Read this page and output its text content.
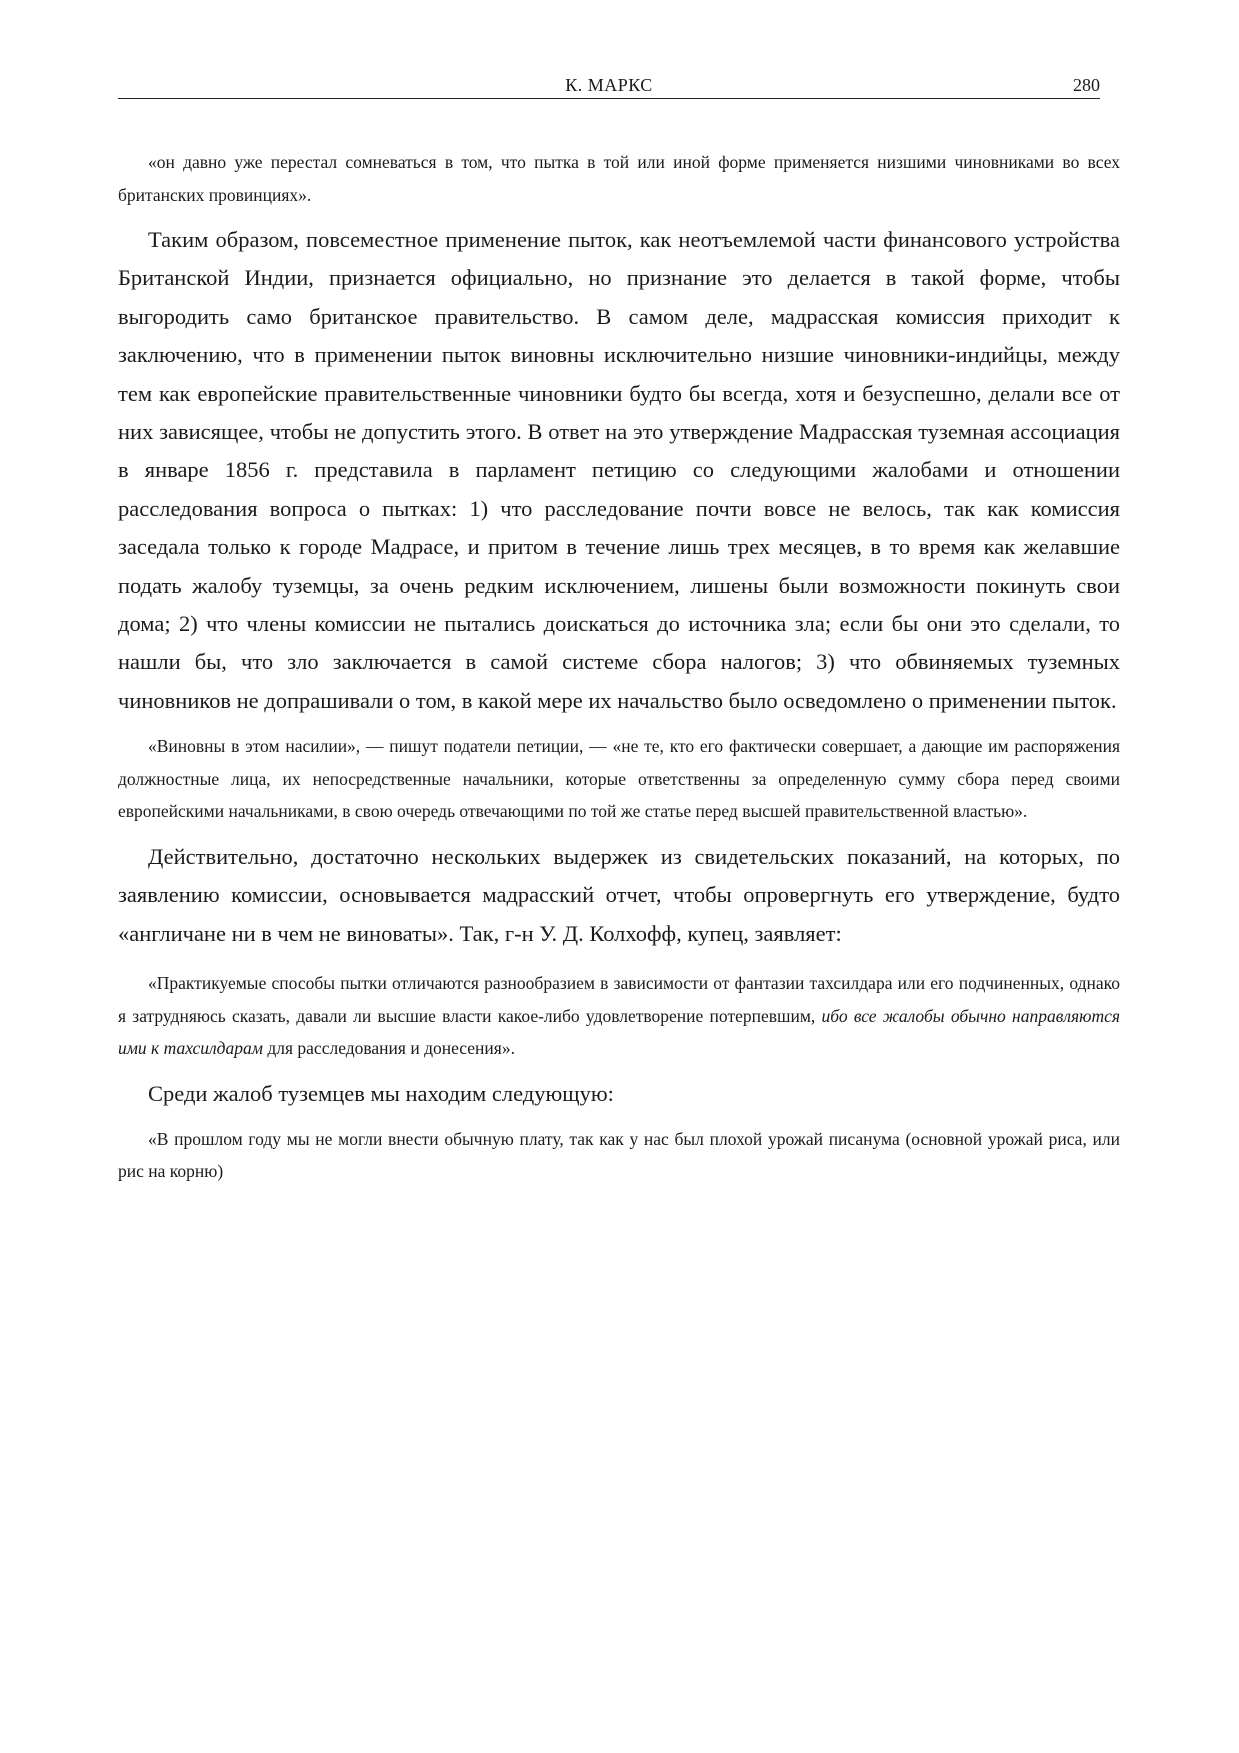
К. МАРКС	280

«он давно уже перестал сомневаться в том, что пытка в той или иной форме применяется низшими чиновниками во всех британских провинциях».

Таким образом, повсеместное применение пыток, как неотъемлемой части финансового устройства Британской Индии, признается официально, но признание это делается в такой форме, чтобы выгородить само британское правительство. В самом деле, мадрасская комиссия приходит к заключению, что в применении пыток виновны исключительно низшие чиновники-индийцы, между тем как европейские правительственные чиновники будто бы всегда, хотя и безуспешно, делали все от них зависящее, чтобы не допустить этого. В ответ на это утверждение Мадрасская туземная ассоциация в январе 1856 г. представила в парламент петицию со следующими жалобами и отношении расследования вопроса о пытках: 1) что расследование почти вовсе не велось, так как комиссия заседала только к городе Мадрасе, и притом в течение лишь трех месяцев, в то время как желавшие подать жалобу туземцы, за очень редким исключением, лишены были возможности покинуть свои дома; 2) что члены комиссии не пытались доискаться до источника зла; если бы они это сделали, то нашли бы, что зло заключается в самой системе сбора налогов; 3) что обвиняемых туземных чиновников не допрашивали о том, в какой мере их начальство было осведомлено о применении пыток.

«Виновны в этом насилии», — пишут податели петиции, — «не те, кто его фактически совершает, а дающие им распоряжения должностные лица, их непосредственные начальники, которые ответственны за определенную сумму сбора перед своими европейскими начальниками, в свою очередь отвечающими по той же статье перед высшей правительственной властью».

Действительно, достаточно нескольких выдержек из свидетельских показаний, на которых, по заявлению комиссии, основывается мадрасский отчет, чтобы опровергнуть его утверждение, будто «англичане ни в чем не виноваты». Так, г-н У. Д. Колхофф, купец, заявляет:

«Практикуемые способы пытки отличаются разнообразием в зависимости от фантазии тахсилдара или его подчиненных, однако я затрудняюсь сказать, давали ли высшие власти какое-либо удовлетворение потерпевшим, ибо все жалобы обычно направляются ими к тахсилдарам для расследования и донесения».

Среди жалоб туземцев мы находим следующую:

«В прошлом году мы не могли внести обычную плату, так как у нас был плохой урожай писанума (основной урожай риса, или рис на корню)
